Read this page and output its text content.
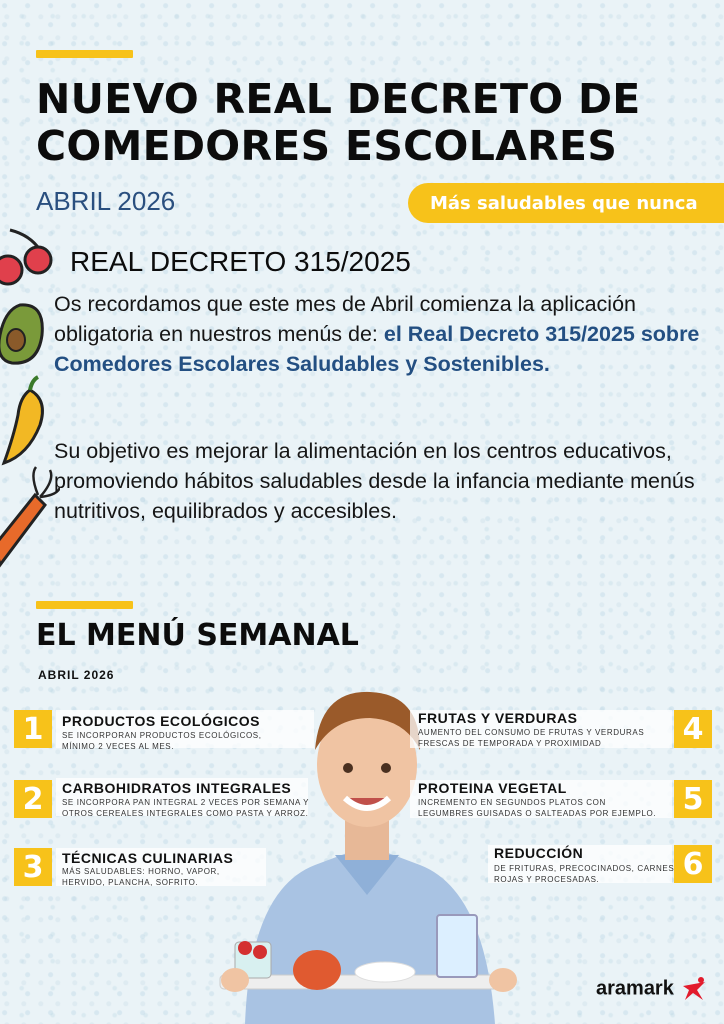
NUEVO REAL DECRETO DE
COMEDORES ESCOLARES
ABRIL 2026	Más saludables que nunca
REAL DECRETO 315/2025
Os recordamos que este mes de Abril comienza la aplicación obligatoria en nuestros menús de: el Real Decreto 315/2025 sobre Comedores Escolares Saludables y Sostenibles.
Su objetivo es mejorar la alimentación en los centros educativos, promoviendo hábitos saludables desde la infancia mediante menús nutritivos, equilibrados y accesibles.
EL MENÚ SEMANAL
ABRIL 2026
1	PRODUCTOS ECOLÓGICOS
SE INCORPORAN PRODUCTOS ECOLÓGICOS,
MÍNIMO 2 VECES AL MES.
2	CARBOHIDRATOS INTEGRALES
SE INCORPORA PAN INTEGRAL 2 VECES POR SEMANA Y
OTROS CEREALES INTEGRALES COMO PASTA Y ARROZ.
3	TÉCNICAS CULINARIAS
MÁS SALUDABLES: HORNO, VAPOR,
HERVIDO, PLANCHA, SOFRITO.
4
FRUTAS Y VERDURAS
AUMENTO DEL CONSUMO DE FRUTAS Y VERDURAS
FRESCAS DE TEMPORADA Y PROXIMIDAD
5
PROTEINA VEGETAL
INCREMENTO EN SEGUNDOS PLATOS CON
LEGUMBRES GUISADAS O SALTEADAS POR EJEMPLO.
6
REDUCCIÓN
DE FRITURAS, PRECOCINADOS, CARNES
ROJAS Y PROCESADAS.
aramark
